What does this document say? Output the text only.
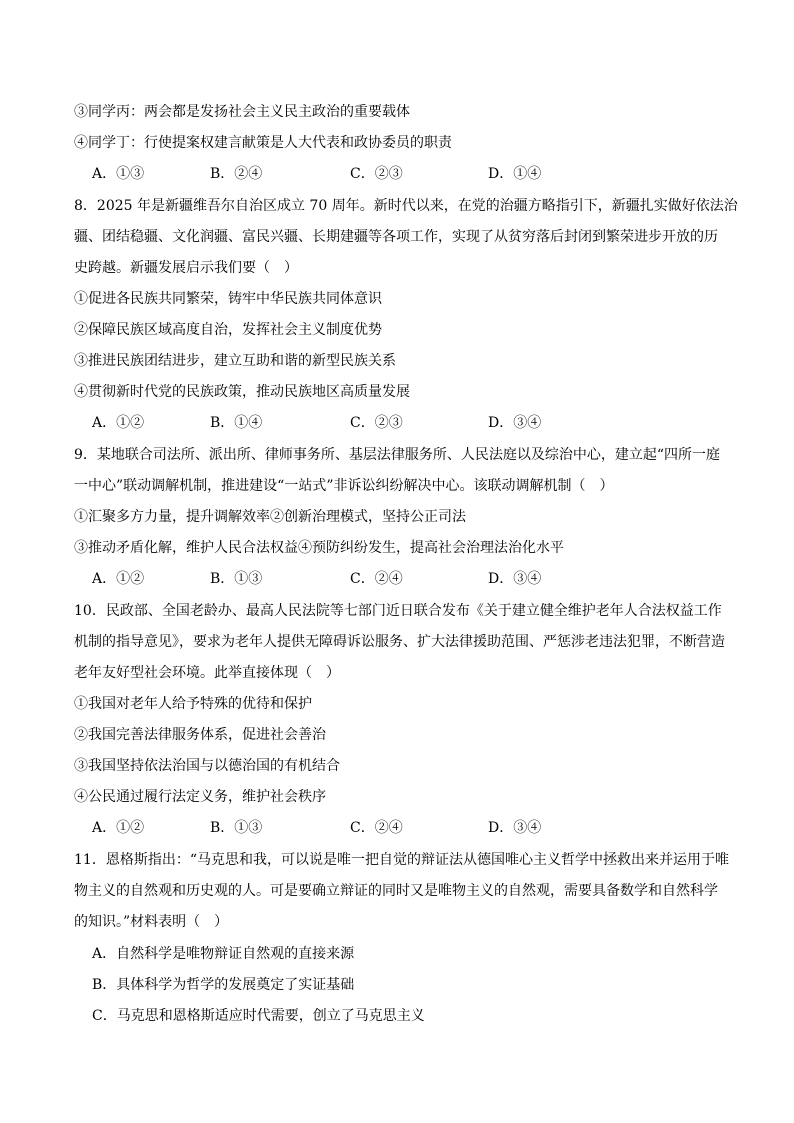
③同学丙：两会都是发扬社会主义民主政治的重要载体
④同学丁：行使提案权建言献策是人大代表和政协委员的职责
A．①③	B．②④	C．②③	D．①④
8．2025 年是新疆维吾尔自治区成立 70 周年。新时代以来，在党的治疆方略指引下，新疆扎实做好依法治
疆、团结稳疆、文化润疆、富民兴疆、长期建疆等各项工作，实现了从贫穷落后封闭到繁荣进步开放的历
史跨越。新疆发展启示我们要（　）
①促进各民族共同繁荣，铸牢中华民族共同体意识
②保障民族区域高度自治，发挥社会主义制度优势
③推进民族团结进步，建立互助和谐的新型民族关系
④贯彻新时代党的民族政策，推动民族地区高质量发展
A．①②	B．①④	C．②③	D．③④
9．某地联合司法所、派出所、律师事务所、基层法律服务所、人民法庭以及综治中心，建立起“四所一庭
一中心”联动调解机制，推进建设“一站式”非诉讼纠纷解决中心。该联动调解机制（　）
①汇聚多方力量，提升调解效率②创新治理模式，坚持公正司法
③推动矛盾化解，维护人民合法权益④预防纠纷发生，提高社会治理法治化水平
A．①②	B．①③	C．②④	D．③④
10．民政部、全国老龄办、最高人民法院等七部门近日联合发布《关于建立健全维护老年人合法权益工作
机制的指导意见》，要求为老年人提供无障碍诉讼服务、扩大法律援助范围、严惩涉老违法犯罪，不断营造
老年友好型社会环境。此举直接体现（　）
①我国对老年人给予特殊的优待和保护
②我国完善法律服务体系，促进社会善治
③我国坚持依法治国与以德治国的有机结合
④公民通过履行法定义务，维护社会秩序
A．①②	B．①③	C．②④	D．③④
11．恩格斯指出：“马克思和我，可以说是唯一把自觉的辩证法从德国唯心主义哲学中拯救出来并运用于唯
物主义的自然观和历史观的人。可是要确立辩证的同时又是唯物主义的自然观，需要具备数学和自然科学
的知识。”材料表明（　）
A．自然科学是唯物辩证自然观的直接来源
B．具体科学为哲学的发展奠定了实证基础
C．马克思和恩格斯适应时代需要，创立了马克思主义
